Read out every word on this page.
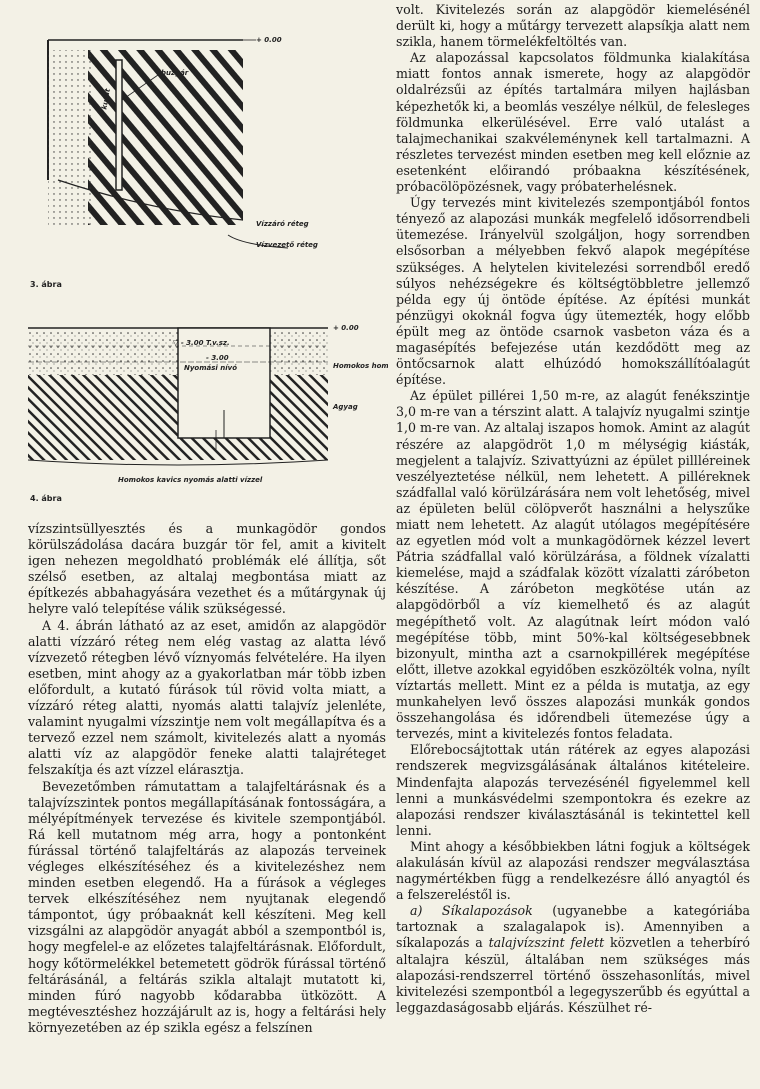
+ 0.00
buzgár
kutat
Vízzáró réteg
Vízvezető réteg
3. ábra
+ 0.00
▽ - 3.00 T.v.sz.
- 3.00
Nyomási nívó	Homokos homó
Agyag
Homokos kavics nyomás alatti vízzel
4. ábra

vízszintsüllyesztés és a munkagödör gondos körülszádolása dacára buzgár tör fel, amit a kivitelt igen nehezen megoldható problémák elé állítja, sőt szélső esetben, az altalaj megbontása miatt az építkezés abbahagyására vezethet és a műtárgynak új helyre való telepítése válik szükségessé.

A 4. ábrán látható az az eset, amidőn az alapgödör alatti vízzáró réteg nem elég vastag az alatta lévő vízvezető rétegben lévő víznyomás felvételére. Ha ilyen esetben, mint ahogy az a gyakorlatban már több izben előfordult, a kutató fúrások túl rövid volta miatt, a vízzáró réteg alatti, nyomás alatti talajvíz jelenléte, valamint nyugalmi vízszintje nem volt megállapítva és a tervező ezzel nem számolt, kivitelezés alatt a nyomás alatti víz az alapgödör feneke alatti talajréteget felszakítja és azt vízzel elárasztja.

Bevezetőmben rámutattam a talajfeltárásnak és a talajvízszintek pontos megállapításának fontosságára, a mélyépítmények tervezése és kivitele szempontjából. Rá kell mutatnom még arra, hogy a pontonként fúrással történő talajfeltárás az alapozás terveinek végleges elkészítéséhez és a kivitelezéshez nem minden esetben elegendő. Ha a fúrások a végleges tervek elkészítéséhez nem nyujtanak elegendő támpontot, úgy próbaaknát kell készíteni. Meg kell vizsgálni az alapgödör anyagát abból a szempontból is, hogy megfelel-e az előzetes talajfeltárásnak. Előfordult, hogy kőtörmelékkel betemetett gödrök fúrással történő feltárásánál, a feltárás szikla altalajt mutatott ki, minden fúró nagyobb kődarabba ütközött. A megtévesztéshez hozzájárult az is, hogy a feltárási hely környezetében az ép szikla egész a felszínen

volt. Kivitelezés során az alapgödör kiemelésénél derült ki, hogy a műtárgy tervezett alapsíkja alatt nem szikla, hanem törmelékfeltöltés van.

Az alapozással kapcsolatos földmunka kialakítása miatt fontos annak ismerete, hogy az alapgödör oldalrézsűi az építés tartalmára milyen hajlásban képezhetők ki, a beomlás veszélye nélkül, de felesleges földmunka elkerülésével. Erre való utalást a talajmechanikai szakvéleménynek kell tartalmazni. A részletes tervezést minden esetben meg kell előznie az esetenként előirandó próbaakna készítésének, próbacölöpözésnek, vagy próbaterhelésnek.

Úgy tervezés mint kivitelezés szempontjából fontos tényező az alapozási munkák megfelelő idősorrendbeli ütemezése. Irányelvül szolgáljon, hogy sorrendben elsősorban a mélyebben fekvő alapok megépítése szükséges. A helytelen kivitelezési sorrendből eredő súlyos nehézségekre és költségtöbbletre jellemző példa egy új öntöde építése. Az építési munkát pénzügyi okoknál fogva úgy ütemezték, hogy előbb épült meg az öntöde csarnok vasbeton váza és a magasépítés befejezése után kezdődött meg az öntőcsarnok alatt elhúzódó homokszállítóalagút építése.

Az épület pillérei 1,50 m-re, az alagút fenékszintje 3,0 m-re van a térszint alatt. A talajvíz nyugalmi szintje 1,0 m-re van. Az altalaj iszapos homok. Amint az alagút részére az alapgödröt 1,0 m mélységig kiásták, megjelent a talajvíz. Szivattyúzni az épület pillléreinek veszélyeztetése nélkül, nem lehetett. A pilléreknek szádfallal való körülzárására nem volt lehetőség, mivel az épületen belül cölöpverőt használni a helyszűke miatt nem lehetett. Az alagút utólagos megépítésére az egyetlen mód volt a munkagödörnek kézzel levert Pátria szádfallal való körülzárása, a földnek vízalatti kiemelése, majd a szádfalak között vízalatti záróbeton készítése. A záróbeton megkötése után az alapgödörből a víz kiemelhető és az alagút megépíthető volt. Az alagútnak leírt módon való megépítése több, mint 50%-kal költségesebbnek bizonyult, mintha azt a csarnokpillérek megépítése előtt, illetve azokkal egyidőben eszközölték volna, nyílt víztartás mellett. Mint ez a példa is mutatja, az egy munkahelyen levő összes alapozási munkák gondos összehangolása és időrendbeli ütemezése úgy a tervezés, mint a kivitelezés fontos feladata.

Előrebocsájtottak után rátérek az egyes alapozási rendszerek megvizsgálásának általános kitételeire. Mindenfajta alapozás tervezésénél figyelemmel kell lenni a munkásvédelmi szempontokra és ezekre az alapozási rendszer kiválasztásánál is tekintettel kell lenni.

Mint ahogy a későbbiekben látni fogjuk a költségek alakulásán kívül az alapozási rendszer megválasztása nagymértékben függ a rendelkezésre álló anyagtól és a felszereléstől is.

a) Síkalapozások (ugyanebbe a kategóriába tartoznak a szalagalapok is). Amennyiben a síkalapozás a talajvízszint felett közvetlen a teherbíró altalajra készül, általában nem szükséges más alapozási-rendszerrel történő összehasonlítás, mivel kivitelezési szempontból a legegyszerűbb és egyúttal a leggazdaságosabb eljárás. Készülhet ré-
